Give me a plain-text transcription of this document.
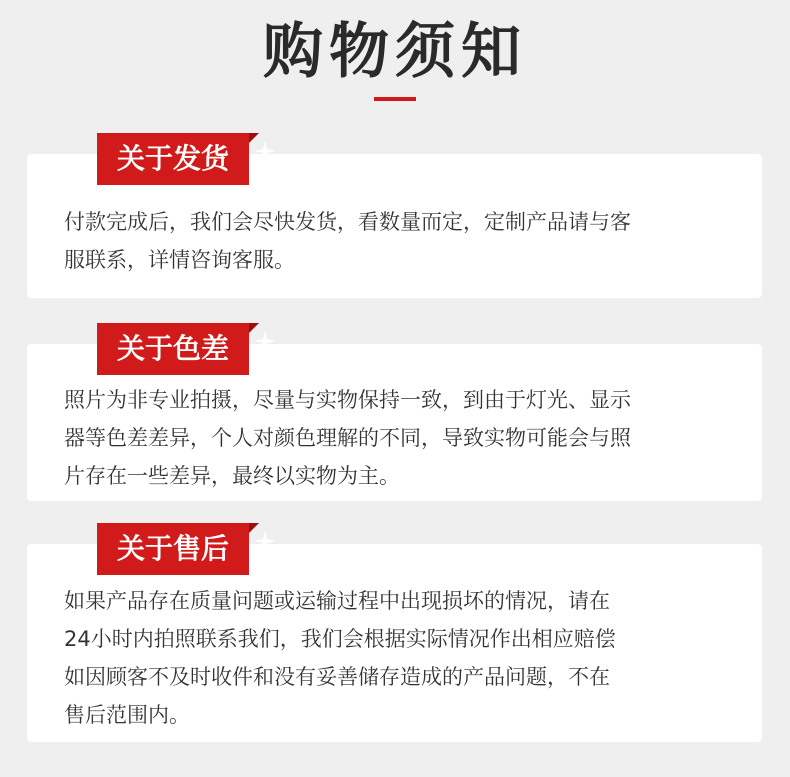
购物须知
关于发货
付款完成后，我们会尽快发货，看数量而定，定制产品请与客
服联系，详情咨询客服。
关于色差
照片为非专业拍摄，尽量与实物保持一致，到由于灯光、显示
器等色差差异，个人对颜色理解的不同，导致实物可能会与照
片存在一些差异，最终以实物为主。
关于售后
如果产品存在质量问题或运输过程中出现损坏的情况，请在
24小时内拍照联系我们，我们会根据实际情况作出相应赔偿
如因顾客不及时收件和没有妥善储存造成的产品问题，不在
售后范围内。
